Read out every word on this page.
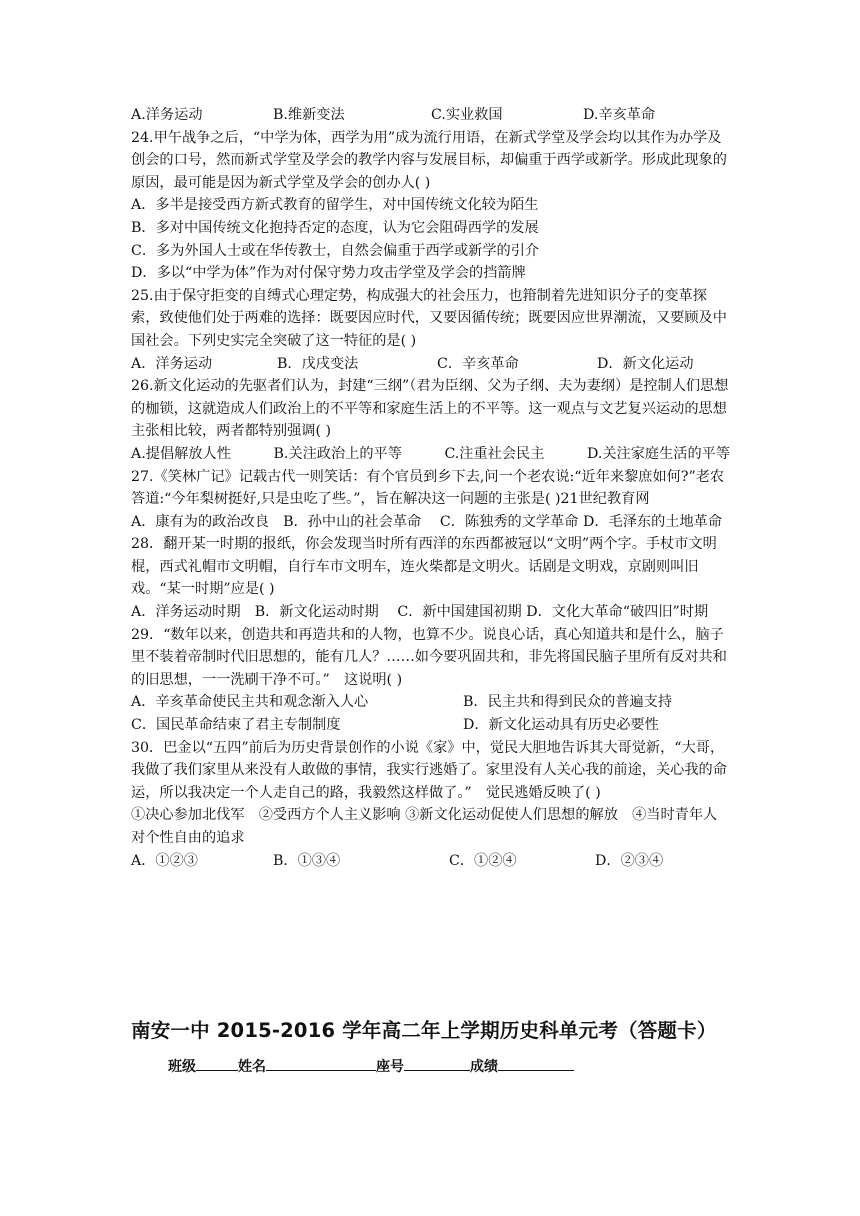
A.洋务运动	B.维新变法	C.实业救国	D.辛亥革命

24.甲午战争之后，“中学为体，西学为用”成为流行用语，在新式学堂及学会均以其作为办学及创会的口号，然而新式学堂及学会的教学内容与发展目标，却偏重于西学或新学。形成此现象的原因，最可能是因为新式学堂及学会的创办人( )

A．多半是接受西方新式教育的留学生，对中国传统文化较为陌生

B．多对中国传统文化抱持否定的态度，认为它会阻碍西学的发展

C．多为外国人士或在华传教士，自然会偏重于西学或新学的引介

D．多以“中学为体”作为对付保守势力攻击学堂及学会的挡箭牌

25.由于保守拒变的自缚式心理定势，构成强大的社会压力，也箝制着先进知识分子的变革探索，致使他们处于两难的选择：既要因应时代，又要因循传统；既要因应世界潮流，又要顾及中国社会。下列史实完全突破了这一特征的是( )

A．洋务运动	B．戊戌变法	C．辛亥革命	D．新文化运动

26.新文化运动的先驱者们认为，封建“三纲”（君为臣纲、父为子纲、夫为妻纲）是控制人们思想的枷锁，这就造成人们政治上的不平等和家庭生活上的不平等。这一观点与文艺复兴运动的思想主张相比较，两者都特别强调( )

A.提倡解放人性　　　B.关注政治上的平等　　　C.注重社会民主　　　D.关注家庭生活的平等

27.《笑林广记》记载古代一则笑话：有个官员到乡下去,问一个老农说:“近年来黎庶如何?”老农答道:“今年梨树挺好,只是虫吃了些。”，旨在解决这一问题的主张是( )21世纪教育网

A．康有为的政治改良　B．孙中山的社会革命　 C．陈独秀的文学革命 D．毛泽东的土地革命

28．翻开某一时期的报纸，你会发现当时所有西洋的东西都被冠以“文明”两个字。手杖市文明棍，西式礼帽市文明帽，自行车市文明车，连火柴都是文明火。话剧是文明戏，京剧则叫旧戏。“某一时期”应是( )

A．洋务运动时期　B．新文化运动时期　 C．新中国建国初期 D．文化大革命“破四旧”时期

29．“数年以来，创造共和再造共和的人物，也算不少。说良心话，真心知道共和是什么，脑子里不装着帝制时代旧思想的，能有几人？……如今要巩固共和，非先将国民脑子里所有反对共和的旧思想，一一洗刷干净不可。”　这说明( )

A．辛亥革命使民主共和观念渐入人心	B．民主共和得到民众的普遍支持
C．国民革命结束了君主专制制度	D．新文化运动具有历史必要性

30．巴金以“五四”前后为历史背景创作的小说《家》中，觉民大胆地告诉其大哥觉新，“大哥，我做了我们家里从来没有人敢做的事情，我实行逃婚了。家里没有人关心我的前途，关心我的命运，所以我决定一个人走自己的路，我毅然这样做了。”　觉民逃婚反映了( )

①决心参加北伐军　②受西方个人主义影响 ③新文化运动促使人们思想的解放　④当时青年人对个性自由的追求

A．①②③	B．①③④	C．①②④	D．②③④
南安一中 2015-2016 学年高二年上学期历史科单元考（答题卡）
班级	姓名	座号	成绩
